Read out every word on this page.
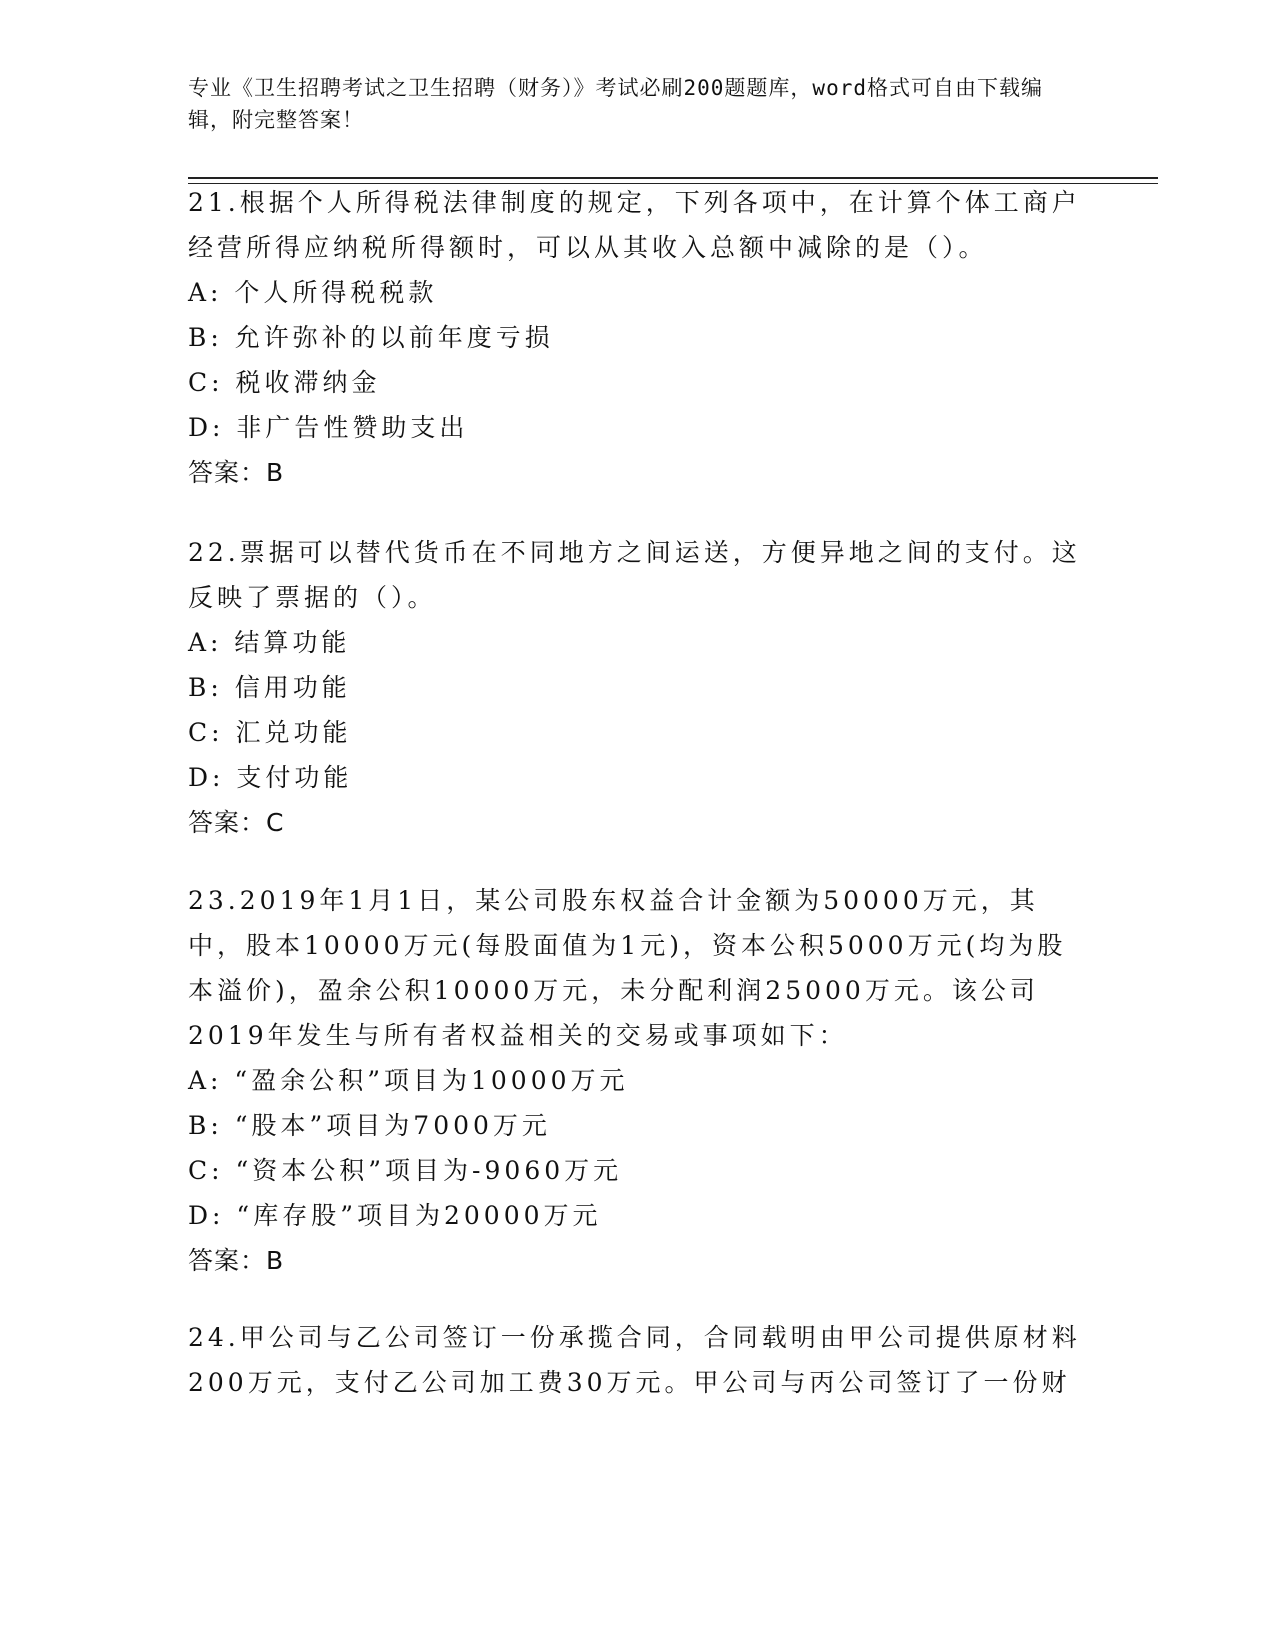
专业《卫生招聘考试之卫生招聘（财务）》考试必刷200题题库，word格式可自由下载编辑，附完整答案！

21.根据个人所得税法律制度的规定，下列各项中，在计算个体工商户经营所得应纳税所得额时，可以从其收入总额中减除的是（）。

A: 个人所得税税款

B: 允许弥补的以前年度亏损

C: 税收滞纳金

D: 非广告性赞助支出

答案：B

22.票据可以替代货币在不同地方之间运送，方便异地之间的支付。这反映了票据的（）。

A: 结算功能

B: 信用功能

C: 汇兑功能

D: 支付功能

答案：C

23.2019年1月1日，某公司股东权益合计金额为50000万元，其中，股本10000万元(每股面值为1元)，资本公积5000万元(均为股本溢价)，盈余公积10000万元，未分配利润25000万元。该公司2019年发生与所有者权益相关的交易或事项如下：

A: “盈余公积”项目为10000万元

B: “股本”项目为7000万元

C: “资本公积”项目为-9060万元

D: “库存股”项目为20000万元

答案：B

24.甲公司与乙公司签订一份承揽合同，合同载明由甲公司提供原材料200万元，支付乙公司加工费30万元。甲公司与丙公司签订了一份财
